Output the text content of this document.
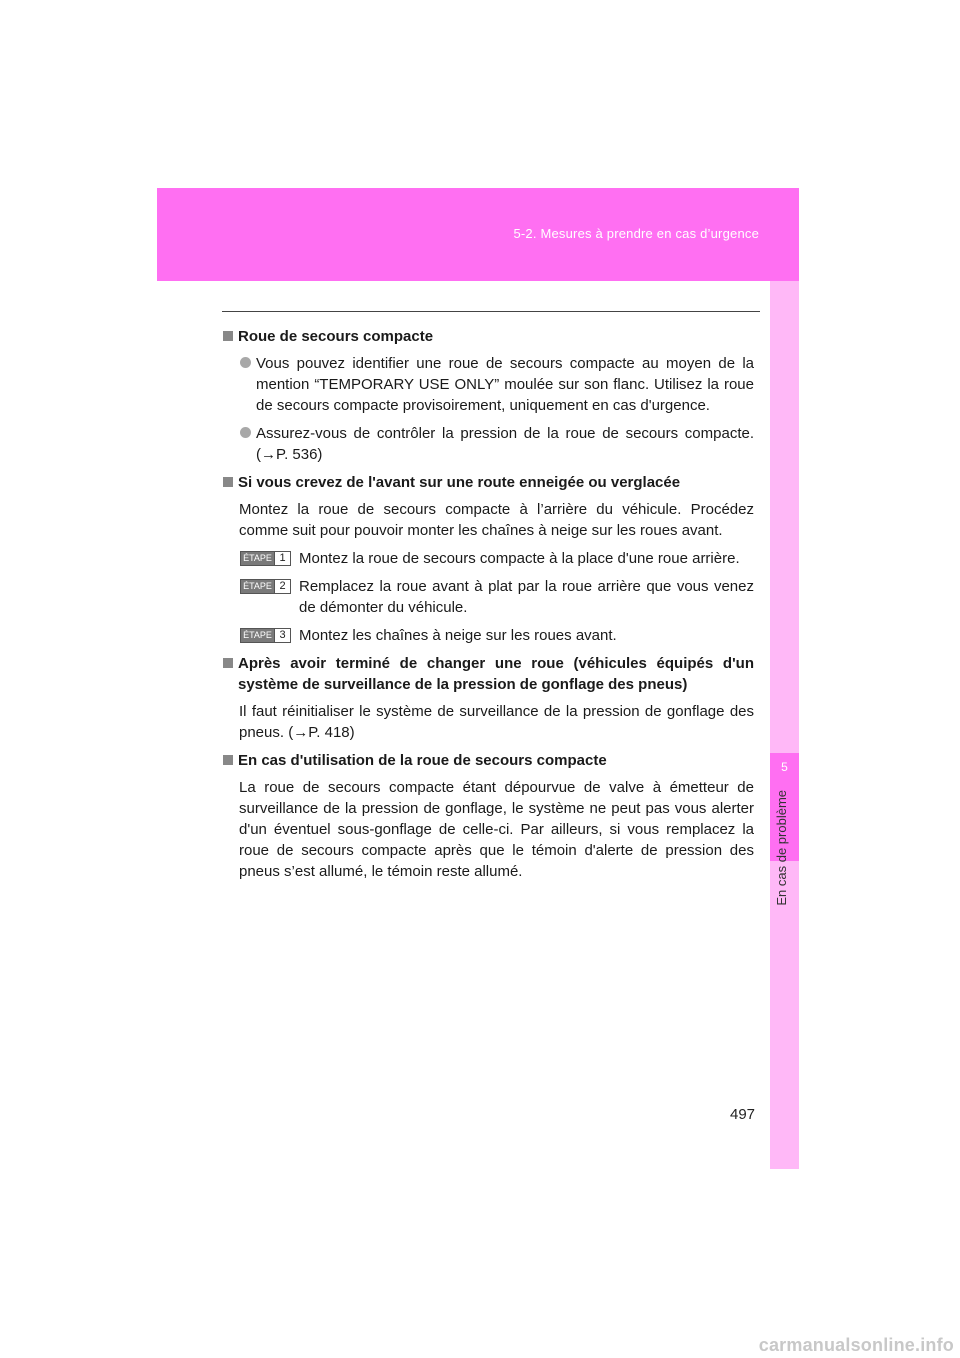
5-2. Mesures à prendre en cas d’urgence
5
En cas de problème
Roue de secours compacte
Vous pouvez identifier une roue de secours compacte au moyen de la mention “TEMPORARY USE ONLY” moulée sur son flanc. Utilisez la roue de secours compacte provisoirement, uniquement en cas d'urgence.
Assurez-vous de contrôler la pression de la roue de secours compacte. (→P. 536)
Si vous crevez de l'avant sur une route enneigée ou verglacée
Montez la roue de secours compacte à l’arrière du véhicule. Procédez comme suit pour pouvoir monter les chaînes à neige sur les roues avant.
ÉTAPE 1 Montez la roue de secours compacte à la place d'une roue arrière.
ÉTAPE 2 Remplacez la roue avant à plat par la roue arrière que vous venez de démonter du véhicule.
ÉTAPE 3 Montez les chaînes à neige sur les roues avant.
Après avoir terminé de changer une roue (véhicules équipés d'un système de surveillance de la pression de gonflage des pneus)
Il faut réinitialiser le système de surveillance de la pression de gonflage des pneus. (→P. 418)
En cas d'utilisation de la roue de secours compacte
La roue de secours compacte étant dépourvue de valve à émetteur de surveillance de la pression de gonflage, le système ne peut pas vous alerter d'un éventuel sous-gonflage de celle-ci. Par ailleurs, si vous remplacez la roue de secours compacte après que le témoin d'alerte de pression des pneus s’est allumé, le témoin reste allumé.
497
carmanualsonline.info
